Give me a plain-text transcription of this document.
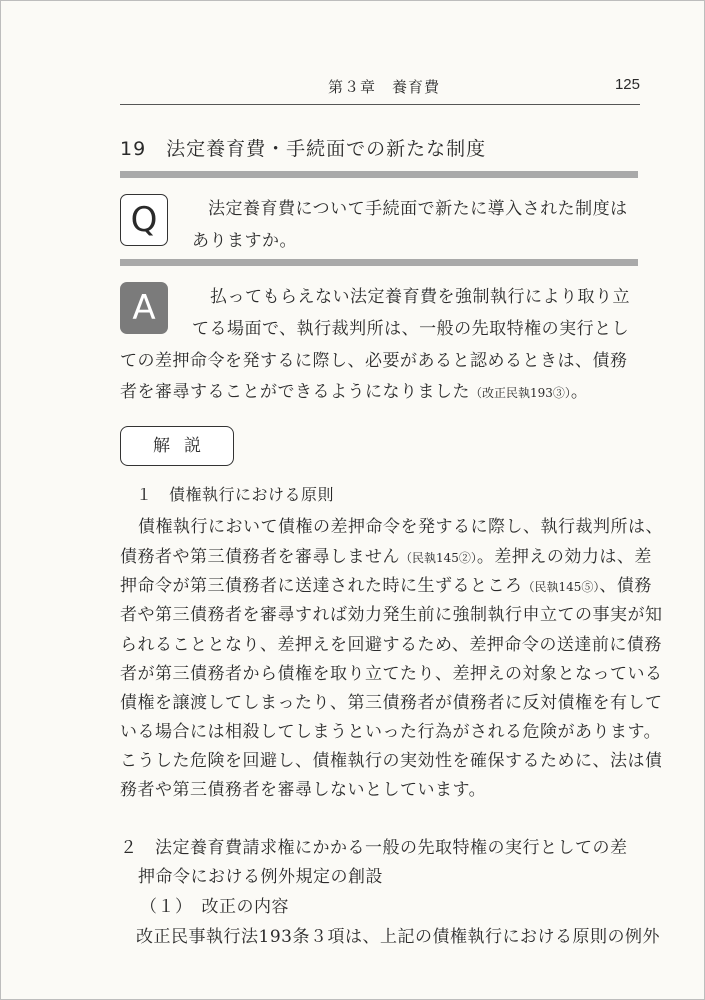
第３章　養育費	125
19　法定養育費・手続面での新たな制度
Q	法定養育費について手続面で新たに導入された制度は
ありますか。
A	払ってもらえない法定養育費を強制執行により取り立
てる場面で、執行裁判所は、一般の先取特権の実行とし
ての差押命令を発するに際し、必要があると認めるときは、債務
者を審尋することができるようになりました（改正民執193③）。
解説
１　債権執行における原則
債権執行において債権の差押命令を発するに際し、執行裁判所は、
債務者や第三債務者を審尋しません（民執145②）。差押えの効力は、差
押命令が第三債務者に送達された時に生ずるところ（民執145⑤）、債務
者や第三債務者を審尋すれば効力発生前に強制執行申立ての事実が知
られることとなり、差押えを回避するため、差押命令の送達前に債務
者が第三債務者から債権を取り立てたり、差押えの対象となっている
債権を譲渡してしまったり、第三債務者が債務者に反対債権を有して
いる場合には相殺してしまうといった行為がされる危険があります。
こうした危険を回避し、債権執行の実効性を確保するために、法は債
務者や第三債務者を審尋しないとしています。
２　法定養育費請求権にかかる一般の先取特権の実行としての差
押命令における例外規定の創設
（１）　改正の内容
改正民事執行法193条３項は、上記の債権執行における原則の例外
